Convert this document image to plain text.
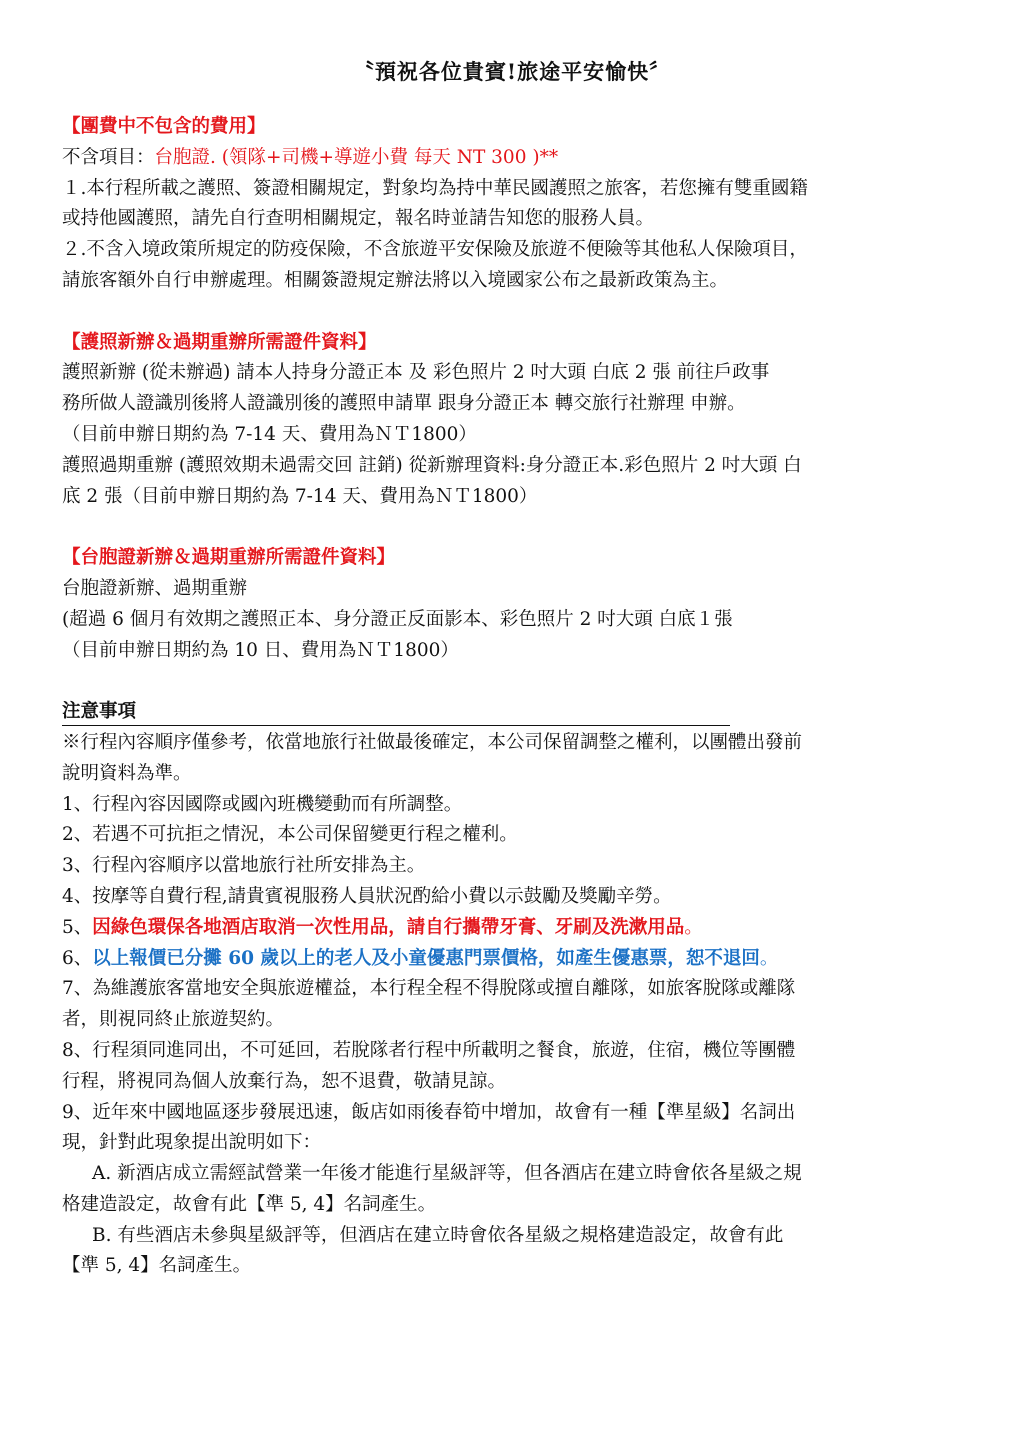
〝預祝各位貴賓!旅途平安愉快〞
【團費中不包含的費用】
不含項目：台胞證. (領隊+司機+導遊小費 每天 NT 300 )**
１.本行程所載之護照、簽證相關規定，對象均為持中華民國護照之旅客，若您擁有雙重國籍
或持他國護照，請先自行查明相關規定，報名時並請告知您的服務人員。
２.不含入境政策所規定的防疫保險，不含旅遊平安保險及旅遊不便險等其他私人保險項目，
請旅客額外自行申辦處理。相關簽證規定辦法將以入境國家公布之最新政策為主。
【護照新辦＆過期重辦所需證件資料】
護照新辦 (從未辦過) 請本人持身分證正本 及 彩色照片 2 吋大頭 白底 2 張 前往戶政事
務所做人證識別後將人證識別後的護照申請單 跟身分證正本 轉交旅行社辦理 申辦。
（目前申辦日期約為 7-14 天、費用為ＮＴ1800）
護照過期重辦 (護照效期未過需交回 註銷) 從新辦理資料:身分證正本.彩色照片 2 吋大頭 白
底 2 張（目前申辦日期約為 7-14 天、費用為ＮＴ1800）
【台胞證新辦＆過期重辦所需證件資料】
台胞證新辦、過期重辦
(超過 6 個月有效期之護照正本、身分證正反面影本、彩色照片 2 吋大頭 白底１張
（目前申辦日期約為 10 日、費用為ＮＴ1800）
注意事項
※行程內容順序僅參考，依當地旅行社做最後確定，本公司保留調整之權利，以團體出發前
說明資料為準。
1、行程內容因國際或國內班機變動而有所調整。
2、若遇不可抗拒之情況，本公司保留變更行程之權利。
3、行程內容順序以當地旅行社所安排為主。
4、按摩等自費行程,請貴賓視服務人員狀況酌給小費以示鼓勵及獎勵辛勞。
5、因綠色環保各地酒店取消一次性用品，請自行攜帶牙膏、牙刷及洗漱用品。
6、以上報價已分攤 60 歲以上的老人及小童優惠門票價格，如產生優惠票，恕不退回。
7、為維護旅客當地安全與旅遊權益，本行程全程不得脫隊或擅自離隊，如旅客脫隊或離隊
者，則視同終止旅遊契約。
8、行程須同進同出，不可延回，若脫隊者行程中所載明之餐食，旅遊，住宿，機位等團體
行程，將視同為個人放棄行為，恕不退費，敬請見諒。
9、近年來中國地區逐步發展迅速，飯店如雨後春筍中增加，故會有一種【準星級】名詞出
現，針對此現象提出說明如下：
A. 新酒店成立需經試營業一年後才能進行星級評等，但各酒店在建立時會依各星級之規
格建造設定，故會有此【準 5, 4】名詞產生。
B. 有些酒店未參與星級評等，但酒店在建立時會依各星級之規格建造設定，故會有此
【準 5, 4】名詞產生。
